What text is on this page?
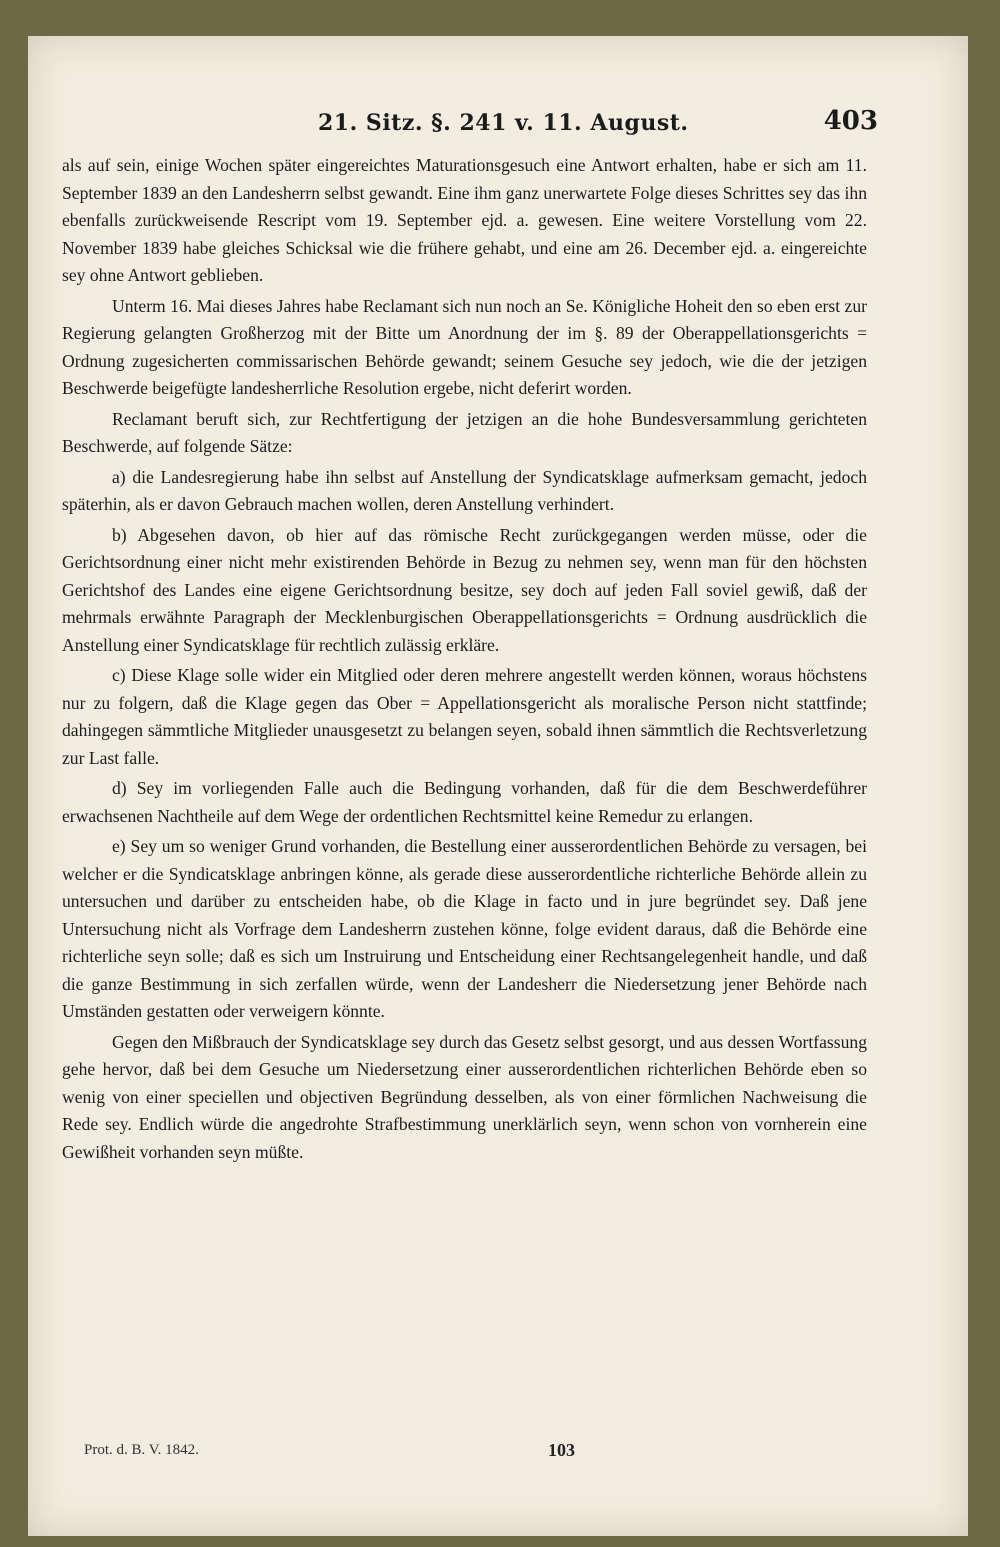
21. Sitz. §. 241 v. 11. August.	403

als auf sein, einige Wochen später eingereichtes Maturationsgesuch eine Antwort erhalten, habe er sich am 11. September 1839 an den Landesherrn selbst gewandt. Eine ihm ganz unerwartete Folge dieses Schrittes sey das ihn ebenfalls zurückweisende Rescript vom 19. September ejd. a. gewesen. Eine weitere Vorstellung vom 22. November 1839 habe gleiches Schicksal wie die frühere gehabt, und eine am 26. December ejd. a. eingereichte sey ohne Antwort geblieben.

Unterm 16. Mai dieses Jahres habe Reclamant sich nun noch an Se. Königliche Hoheit den so eben erst zur Regierung gelangten Großherzog mit der Bitte um Anordnung der im §. 89 der Oberappellationsgerichts = Ordnung zugesicherten commissarischen Behörde gewandt; seinem Gesuche sey jedoch, wie die der jetzigen Beschwerde beigefügte landesherrliche Resolution ergebe, nicht deferirt worden.

Reclamant beruft sich, zur Rechtfertigung der jetzigen an die hohe Bundesversammlung gerichteten Beschwerde, auf folgende Sätze:

a) die Landesregierung habe ihn selbst auf Anstellung der Syndicatsklage aufmerksam gemacht, jedoch späterhin, als er davon Gebrauch machen wollen, deren Anstellung verhindert.

b) Abgesehen davon, ob hier auf das römische Recht zurückgegangen werden müsse, oder die Gerichtsordnung einer nicht mehr existirenden Behörde in Bezug zu nehmen sey, wenn man für den höchsten Gerichtshof des Landes eine eigene Gerichtsordnung besitze, sey doch auf jeden Fall soviel gewiß, daß der mehrmals erwähnte Paragraph der Mecklenburgischen Oberappellationsgerichts = Ordnung ausdrücklich die Anstellung einer Syndicatsklage für rechtlich zulässig erkläre.

c) Diese Klage solle wider ein Mitglied oder deren mehrere angestellt werden können, woraus höchstens nur zu folgern, daß die Klage gegen das Ober = Appellationsgericht als moralische Person nicht stattfinde; dahingegen sämmtliche Mitglieder unausgesetzt zu belangen seyen, sobald ihnen sämmtlich die Rechtsverletzung zur Last falle.

d) Sey im vorliegenden Falle auch die Bedingung vorhanden, daß für die dem Beschwerdeführer erwachsenen Nachtheile auf dem Wege der ordentlichen Rechtsmittel keine Remedur zu erlangen.

e) Sey um so weniger Grund vorhanden, die Bestellung einer ausserordentlichen Behörde zu versagen, bei welcher er die Syndicatsklage anbringen könne, als gerade diese ausserordentliche richterliche Behörde allein zu untersuchen und darüber zu entscheiden habe, ob die Klage in facto und in jure begründet sey. Daß jene Untersuchung nicht als Vorfrage dem Landesherrn zustehen könne, folge evident daraus, daß die Behörde eine richterliche seyn solle; daß es sich um Instruirung und Entscheidung einer Rechtsangelegenheit handle, und daß die ganze Bestimmung in sich zerfallen würde, wenn der Landesherr die Niedersetzung jener Behörde nach Umständen gestatten oder verweigern könnte.

Gegen den Mißbrauch der Syndicatsklage sey durch das Gesetz selbst gesorgt, und aus dessen Wortfassung gehe hervor, daß bei dem Gesuche um Niedersetzung einer ausserordentlichen richterlichen Behörde eben so wenig von einer speciellen und objectiven Begründung desselben, als von einer förmlichen Nachweisung die Rede sey. Endlich würde die angedrohte Strafbestimmung unerklärlich seyn, wenn schon von vornherein eine Gewißheit vorhanden seyn müßte.

Prot. d. B. V. 1842.	103
